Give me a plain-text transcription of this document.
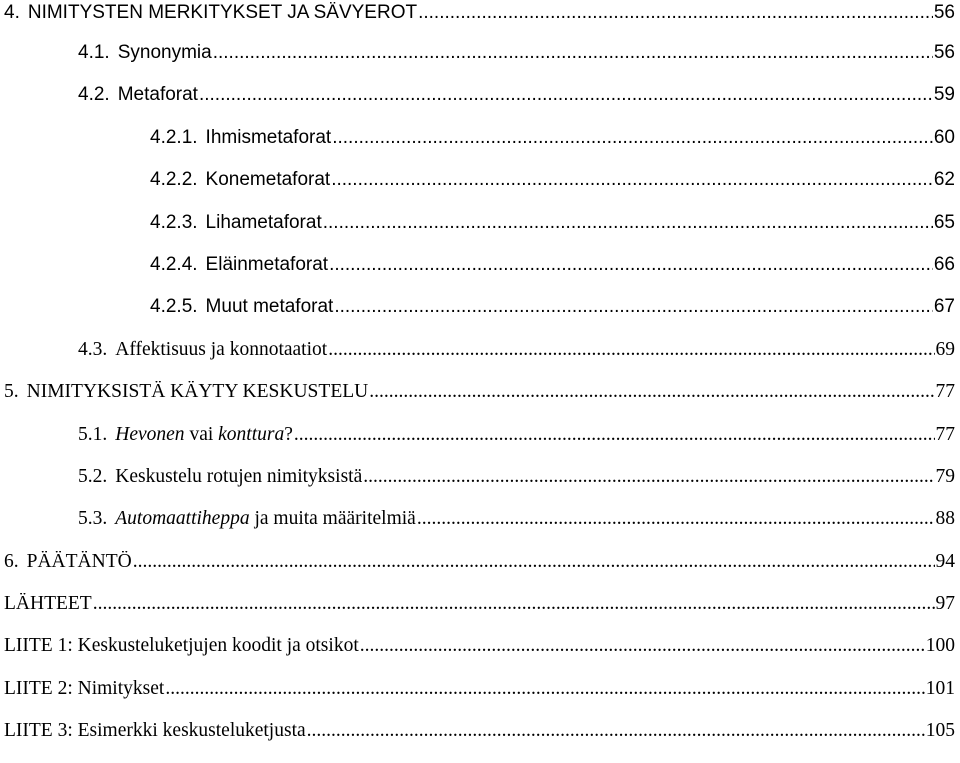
4. NIMITYSTEN MERKITYKSET JA SÄVYEROT .....	56
4.1. Synonymia .....	56
4.2. Metaforat .....	59
4.2.1. Ihmismetaforat .....	60
4.2.2. Konemetaforat .....	62
4.2.3. Lihametaforat .....	65
4.2.4. Eläinmetaforat .....	66
4.2.5. Muut metaforat .....	67
4.3. Affektisuus ja konnotaatiot .....	69
5. NIMITYKSISTÄ KÄYTY KESKUSTELU .....	77
5.1. Hevonen vai konttura? .....	77
5.2. Keskustelu rotujen nimityksistä .....	79
5.3. Automaattiheppa ja muita määritelmiä .....	88
6. PÄÄTÄNTÖ .....	94
LÄHTEET .....	97
LIITE 1: Keskusteluketjujen koodit ja otsikot .....	100
LIITE 2: Nimitykset .....	101
LIITE 3: Esimerkki keskusteluketjusta .....	105
